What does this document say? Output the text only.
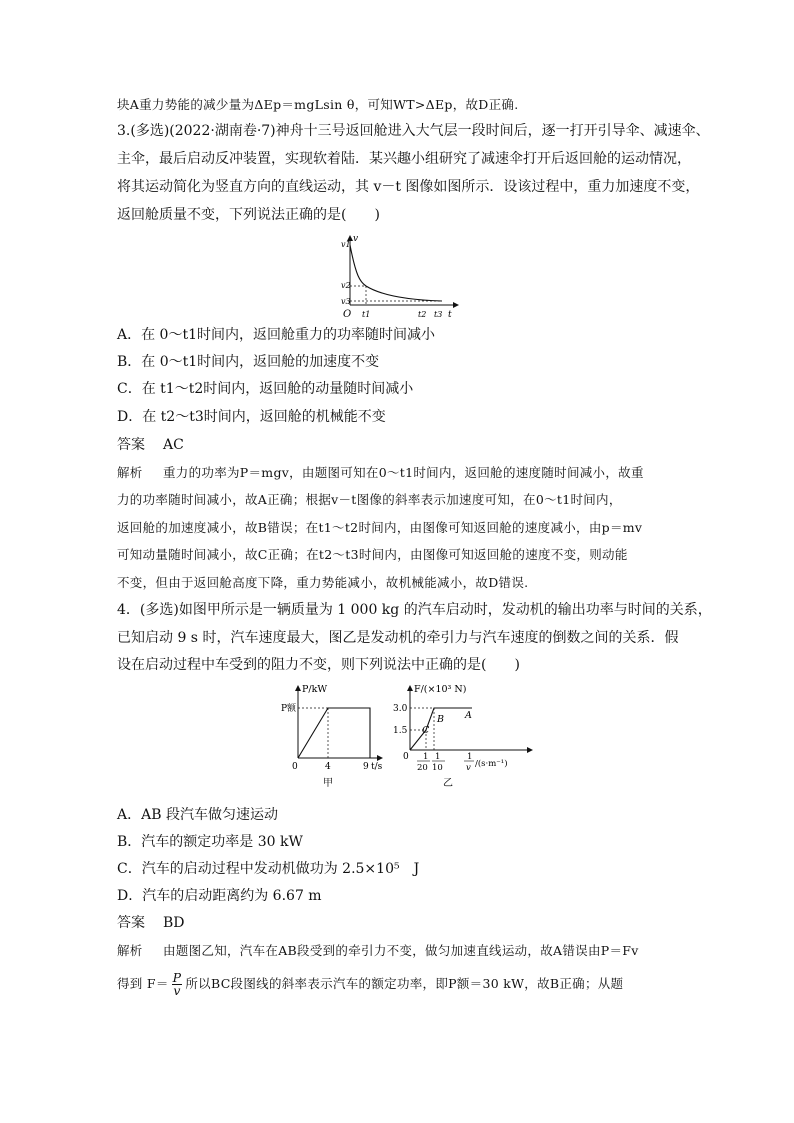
块A重力势能的减少量为ΔEp＝mgLsin θ，可知WT>ΔEp，故D正确.
3.(多选)(2022·湖南卷·7)神舟十三号返回舱进入大气层一段时间后，逐一打开引导伞、减速伞、
主伞，最后启动反冲装置，实现软着陆．某兴趣小组研究了减速伞打开后返回舱的运动情况，
将其运动简化为竖直方向的直线运动，其 v－t 图像如图所示．设该过程中，重力加速度不变，
返回舱质量不变，下列说法正确的是(　　)
v
v1
v2
v3
O t1	t2 t3 t
A．在 0～t1时间内，返回舱重力的功率随时间减小
B．在 0～t1时间内，返回舱的加速度不变
C．在 t1～t2时间内，返回舱的动量随时间减小
D．在 t2～t3时间内，返回舱的机械能不变
答案 AC
解析 重力的功率为P＝mgv，由题图可知在0～t1时间内，返回舱的速度随时间减小，故重
力的功率随时间减小，故A正确；根据v－t图像的斜率表示加速度可知，在0～t1时间内，
返回舱的加速度减小，故B错误；在t1～t2时间内，由图像可知返回舱的速度减小，由p＝mv
可知动量随时间减小，故C正确；在t2～t3时间内，由图像可知返回舱的速度不变，则动能
不变，但由于返回舱高度下降，重力势能减小，故机械能减小，故D错误.
4．(多选)如图甲所示是一辆质量为 1 000 kg 的汽车启动时，发动机的输出功率与时间的关系，
已知启动 9 s 时，汽车速度最大，图乙是发动机的牵引力与汽车速度的倒数之间的关系．假
设在启动过程中车受到的阻力不变，则下列说法中正确的是(　　)
P/kW
P额
0	4	9 t/s
甲
F/(×10³ N)
3.0
1.5
A
B
C
0 1
20
1
10
1
v /(s·m⁻¹)
乙
A．AB 段汽车做匀速运动
B．汽车的额定功率是 30 kW
C．汽车的启动过程中发动机做功为 2.5×10⁵　J
D．汽车的启动距离约为 6.67 m
答案 BD
解析 由题图乙知，汽车在AB段受到的牵引力不变，做匀加速直线运动，故A错误由P＝Fv
得到 $F= \frac{P}{v}$ 所以BC段图线的斜率表示汽车的额定功率，即P额＝30 kW，故B正确；从题
